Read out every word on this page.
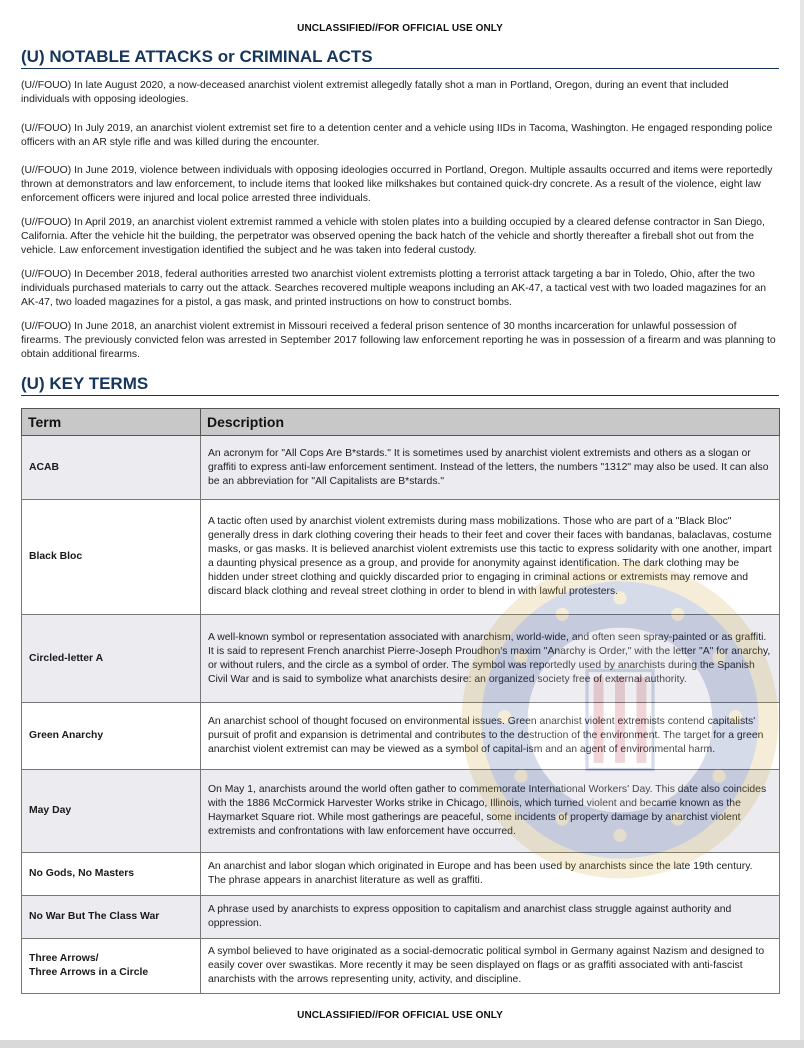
UNCLASSIFIED//FOR OFFICIAL USE ONLY
(U) NOTABLE ATTACKS or CRIMINAL ACTS
(U//FOUO) In late August 2020, a now-deceased anarchist violent extremist allegedly fatally shot a man in Portland, Oregon, during an event that included individuals with opposing ideologies.
(U//FOUO) In July 2019, an anarchist violent extremist set fire to a detention center and a vehicle using IIDs in Tacoma, Washington. He engaged responding police officers with an AR style rifle and was killed during the encounter.
(U//FOUO) In June 2019, violence between individuals with opposing ideologies occurred in Portland, Oregon. Multiple assaults occurred and items were reportedly thrown at demonstrators and law enforcement, to include items that looked like milkshakes but contained quick-dry concrete. As a result of the violence, eight law enforcement officers were injured and local police arrested three individuals.
(U//FOUO) In April 2019, an anarchist violent extremist rammed a vehicle with stolen plates into a building occupied by a cleared defense contractor in San Diego, California. After the vehicle hit the building, the perpetrator was observed opening the back hatch of the vehicle and shortly thereafter a fireball shot out from the vehicle. Law enforcement investigation identified the subject and he was taken into federal custody.
(U//FOUO) In December 2018, federal authorities arrested two anarchist violent extremists plotting a terrorist attack targeting a bar in Toledo, Ohio, after the two individuals purchased materials to carry out the attack. Searches recovered multiple weapons including an AK-47, a tactical vest with two loaded magazines for an AK-47, two loaded magazines for a pistol, a gas mask, and printed instructions on how to construct bombs.
(U//FOUO) In June 2018, an anarchist violent extremist in Missouri received a federal prison sentence of 30 months incarceration for unlawful possession of firearms. The previously convicted felon was arrested in September 2017 following law enforcement reporting he was in possession of a firearm and was planning to obtain additional firearms.
(U) KEY TERMS
Term	Description
ACAB	An acronym for "All Cops Are B*stards." It is sometimes used by anarchist violent extremists and others as a slogan or graffiti to express anti-law enforcement sentiment. Instead of the letters, the numbers "1312" may also be used. It can also be an abbreviation for "All Capitalists are B*stards."
Black Bloc	A tactic often used by anarchist violent extremists during mass mobilizations. Those who are part of a "Black Bloc" generally dress in dark clothing covering their heads to their feet and cover their faces with bandanas, balaclavas, costume masks, or gas masks. It is believed anarchist violent extremists use this tactic to express solidarity with one another, impart a daunting physical presence as a group, and provide for anonymity against identification. The dark clothing may be hidden under street clothing and quickly discarded prior to engaging in criminal actions or extremists may remove and discard black clothing and reveal street clothing in order to blend in with lawful protesters.
Circled-letter A	A well-known symbol or representation associated with anarchism, world-wide, and often seen spray-painted or as graffiti. It is said to represent French anarchist Pierre-Joseph Proudhon's maxim "Anarchy is Order," with the letter "A" for anarchy, or without rulers, and the circle as a symbol of order. The symbol was reportedly used by anarchists during the Spanish Civil War and is said to symbolize what anarchists desire: an organized society free of external authority.
Green Anarchy	An anarchist school of thought focused on environmental issues. Green anarchist violent extremists contend capitalists' pursuit of profit and expansion is detrimental and contributes to the destruction of the environment. The target for a green anarchist violent extremist can may be viewed as a symbol of capital-ism and an agent of environmental harm.
May Day	On May 1, anarchists around the world often gather to commemorate International Workers' Day. This date also coincides with the 1886 McCormick Harvester Works strike in Chicago, Illinois, which turned violent and became known as the Haymarket Square riot. While most gatherings are peaceful, some incidents of property damage by anarchist violent extremists and confrontations with law enforcement have occurred.
No Gods, No Masters	An anarchist and labor slogan which originated in Europe and has been used by anarchists since the late 19th century. The phrase appears in anarchist literature as well as graffiti.
No War But The Class War	A phrase used by anarchists to express opposition to capitalism and anarchist class struggle against authority and oppression.
Three Arrows/
Three Arrows in a Circle	A symbol believed to have originated as a social-democratic political symbol in Germany against Nazism and designed to easily cover over swastikas. More recently it may be seen displayed on flags or as graffiti associated with anti-fascist anarchists with the arrows representing unity, activity, and discipline.
UNCLASSIFIED//FOR OFFICIAL USE ONLY
